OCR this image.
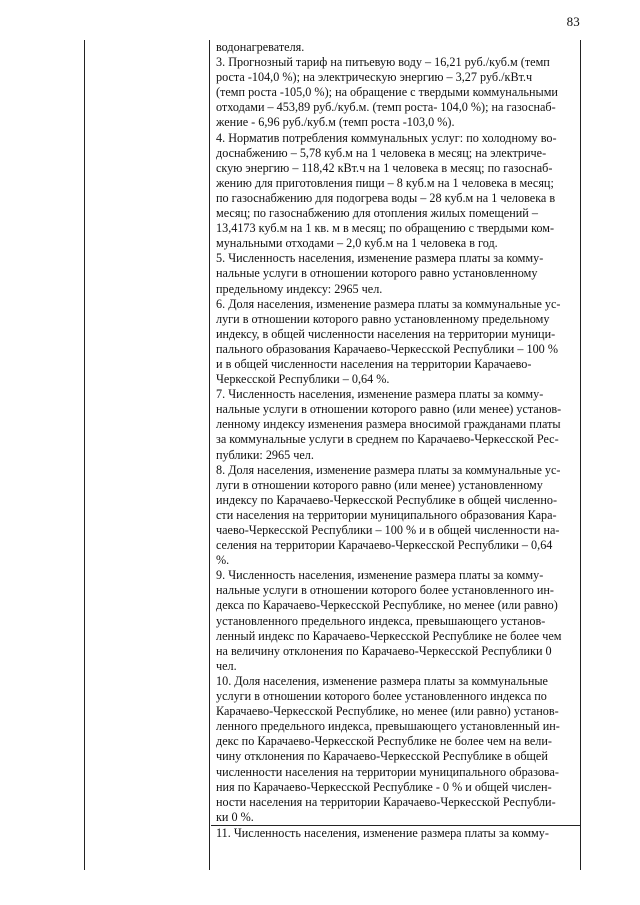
83

водонагревателя.

3. Прогнозный тариф на питьевую воду – 16,21 руб./куб.м (темп
роста -104,0 %); на электрическую энергию – 3,27 руб./кВт.ч
(темп роста -105,0 %); на обращение с твердыми коммунальными
отходами – 453,89 руб./куб.м. (темп роста- 104,0 %); на газоснаб-
жение - 6,96 руб./куб.м (темп роста -103,0 %).

4. Норматив потребления коммунальных услуг: по холодному во-
доснабжению – 5,78 куб.м на 1 человека в месяц; на электриче-
скую энергию – 118,42 кВт.ч на 1 человека в месяц; по газоснаб-
жению для приготовления пищи – 8 куб.м на 1 человека в месяц;
по газоснабжению для подогрева воды – 28 куб.м на 1 человека в
месяц; по газоснабжению для отопления жилых помещений –
13,4173 куб.м на 1 кв. м в месяц; по обращению с твердыми ком-
мунальными отходами – 2,0 куб.м на 1 человека в год.

5. Численность населения, изменение размера платы за комму-
нальные услуги в отношении которого равно установленному
предельному индексу: 2965 чел.

6. Доля населения, изменение размера платы за коммунальные ус-
луги в отношении которого равно установленному предельному
индексу, в общей численности населения на территории муници-
пального образования Карачаево-Черкесской Республики – 100 %
и в общей численности населения на территории Карачаево-
Черкесской Республики – 0,64 %.

7. Численность населения, изменение размера платы за комму-
нальные услуги в отношении которого равно (или менее) установ-
ленному индексу изменения размера вносимой гражданами платы
за коммунальные услуги в среднем по Карачаево-Черкесской Рес-
публики: 2965 чел.

8. Доля населения, изменение размера платы за коммунальные ус-
луги в отношении которого равно (или менее) установленному
индексу по Карачаево-Черкесской Республике в общей численно-
сти населения на территории муниципального образования Кара-
чаево-Черкесской Республики – 100 % и в общей численности на-
селения на территории Карачаево-Черкесской Республики – 0,64
%.

9. Численность населения, изменение размера платы за комму-
нальные услуги в отношении которого более установленного ин-
декса по Карачаево-Черкесской Республике, но менее (или равно)
установленного предельного индекса, превышающего установ-
ленный индекс по Карачаево-Черкесской Республике не более чем
на величину отклонения по Карачаево-Черкесской Республики 0
чел.

10. Доля населения, изменение размера платы за коммунальные
услуги в отношении которого более установленного индекса по
Карачаево-Черкесской Республике, но менее (или равно) установ-
ленного предельного индекса, превышающего установленный ин-
декс по Карачаево-Черкесской Республике не более чем на вели-
чину отклонения по Карачаево-Черкесской Республике в общей
численности населения на территории муниципального образова-
ния по Карачаево-Черкесской Республике - 0 % и общей числен-
ности населения на территории Карачаево-Черкесской Республи-
ки 0 %.

11. Численность населения, изменение размера платы за комму-
